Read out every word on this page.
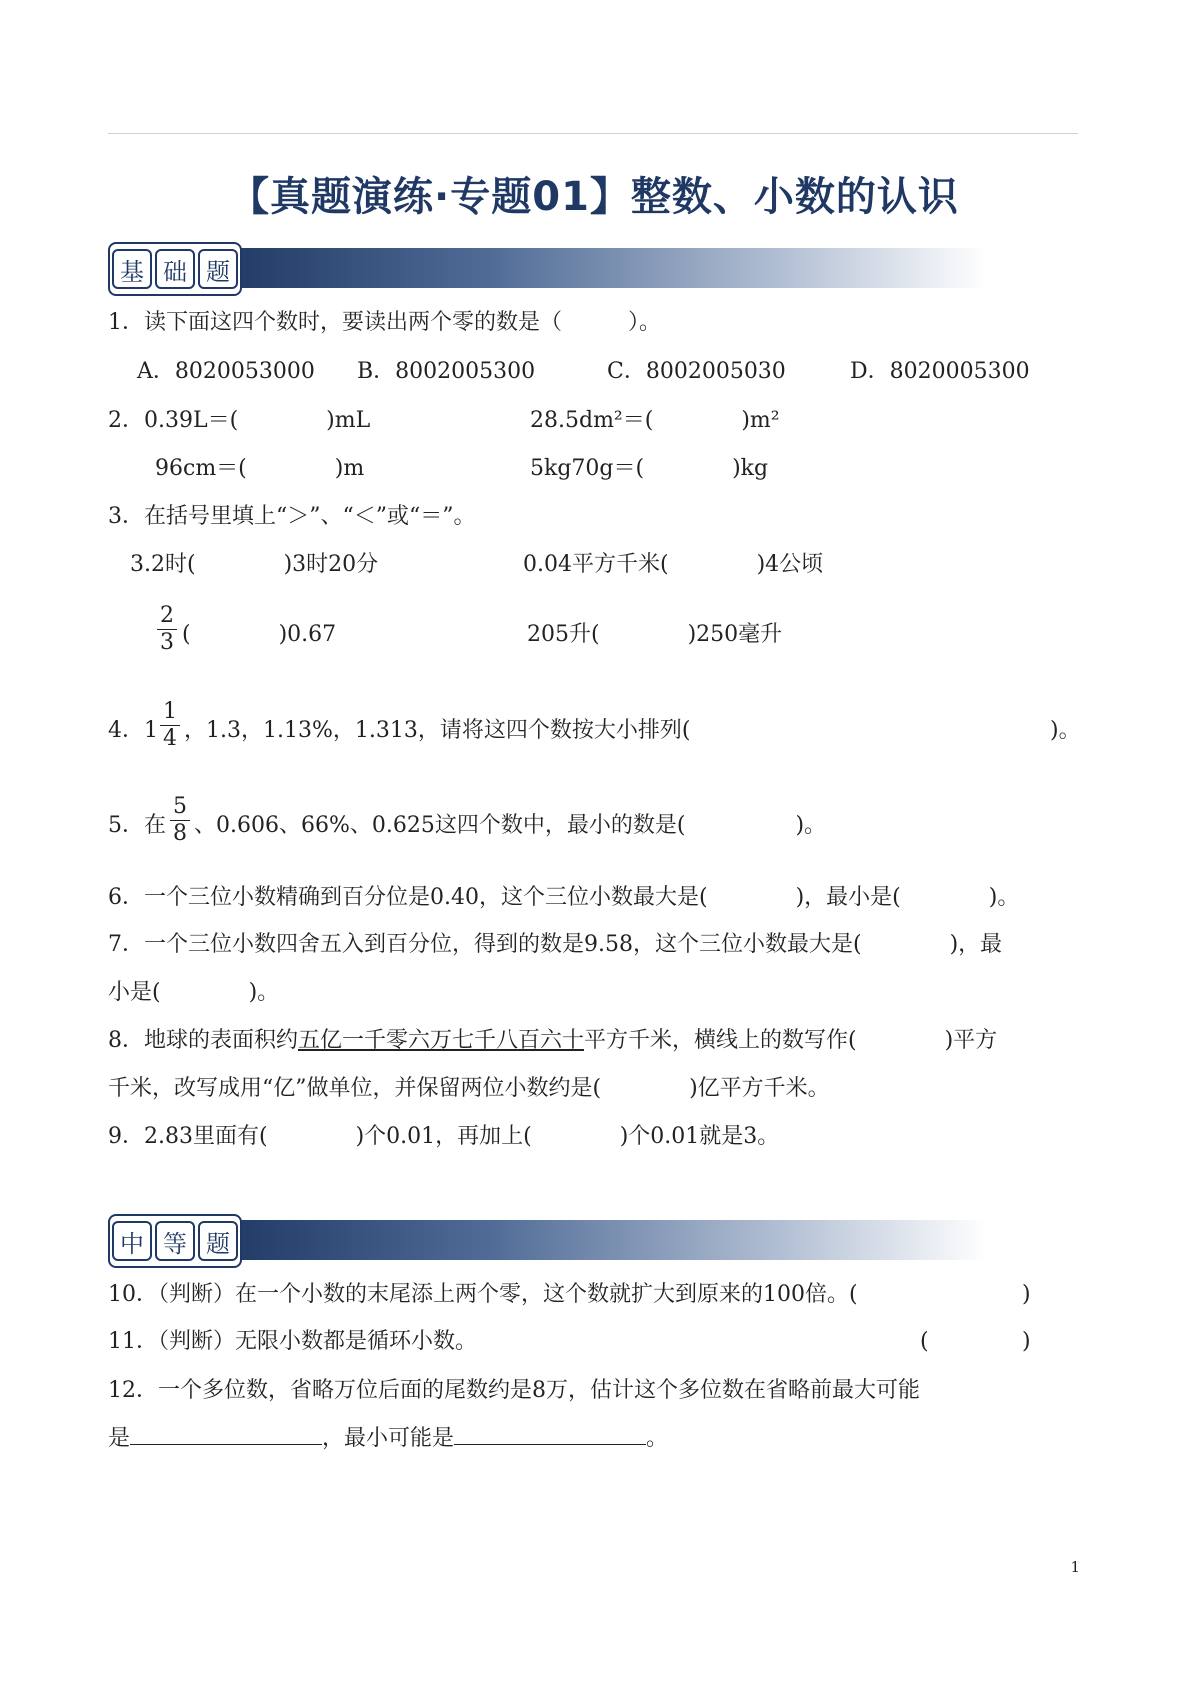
【真题演练·专题01】整数、小数的认识
基 础 题
1．读下面这四个数时，要读出两个零的数是（　　　）。
A．8020053000 B．8002005300	C．8002005030	D．8020005300
2．0.39L＝(　　　　)mL	28.5dm²＝(　　　　)m²
96cm＝(　　　　)m	5kg70g＝(　　　　)kg
3．在括号里填上“＞”、“＜”或“＝”。
3.2时(　　　　)3时20分	0.04平方千米(　　　　)4公顷
2
3 (　　　　)0.67	205升(　　　　)250毫升
4．1
1
4 ，1.3，1.13%，1.313，请将这四个数按大小排列(	)。
5．在
5
8 、0.606、66%、0.625这四个数中，最小的数是(　　　　　)。
6．一个三位小数精确到百分位是0.40，这个三位小数最大是(　　　　)，最小是(　　　　)。
7．一个三位小数四舍五入到百分位，得到的数是9.58，这个三位小数最大是(　　　　)，最
小是(　　　　)。
8．地球的表面积约五亿一千零六万七千八百六十平方千米，横线上的数写作(　　　　)平方
千米，改写成用“亿”做单位，并保留两位小数约是(　　　　)亿平方千米。
9．2.83里面有(　　　　)个0.01，再加上(　　　　)个0.01就是3。
中 等 题
10．（判断）在一个小数的末尾添上两个零，这个数就扩大到原来的100倍。(	)
11．（判断）无限小数都是循环小数。	(	)
12．一个多位数，省略万位后面的尾数约是8万，估计这个多位数在省略前最大可能
是	，最小可能是	。
1
